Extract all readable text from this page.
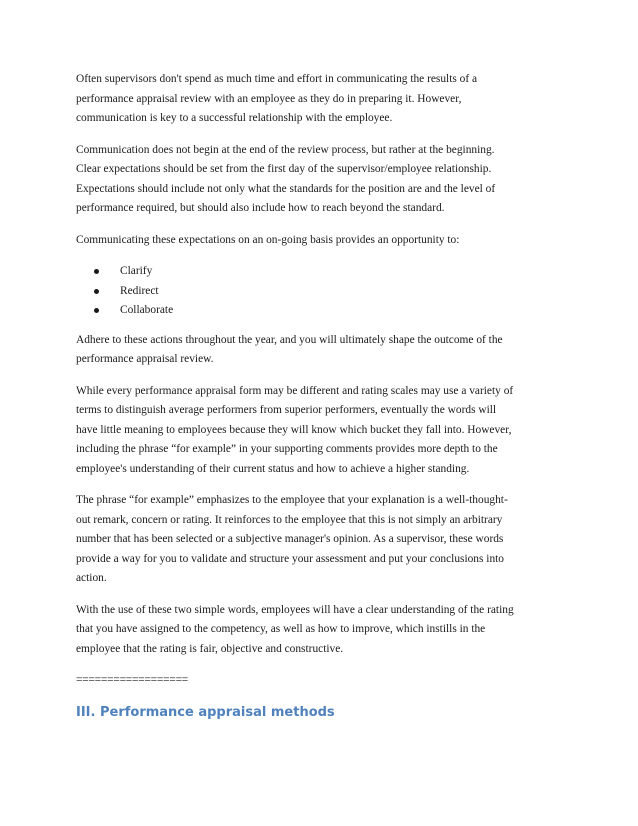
Often supervisors don't spend as much time and effort in communicating the results of a
performance appraisal review with an employee as they do in preparing it. However,
communication is key to a successful relationship with the employee.

Communication does not begin at the end of the review process, but rather at the beginning.
Clear expectations should be set from the first day of the supervisor/employee relationship.
Expectations should include not only what the standards for the position are and the level of
performance required, but should also include how to reach beyond the standard.

Communicating these expectations on an on-going basis provides an opportunity to:

Clarify
Redirect
Collaborate

Adhere to these actions throughout the year, and you will ultimately shape the outcome of the
performance appraisal review.

While every performance appraisal form may be different and rating scales may use a variety of
terms to distinguish average performers from superior performers, eventually the words will
have little meaning to employees because they will know which bucket they fall into. However,
including the phrase “for example” in your supporting comments provides more depth to the
employee's understanding of their current status and how to achieve a higher standing.

The phrase “for example” emphasizes to the employee that your explanation is a well-thought-
out remark, concern or rating. It reinforces to the employee that this is not simply an arbitrary
number that has been selected or a subjective manager's opinion. As a supervisor, these words
provide a way for you to validate and structure your assessment and put your conclusions into
action.

With the use of these two simple words, employees will have a clear understanding of the rating
that you have assigned to the competency, as well as how to improve, which instills in the
employee that the rating is fair, objective and constructive.

==================
III. Performance appraisal methods
